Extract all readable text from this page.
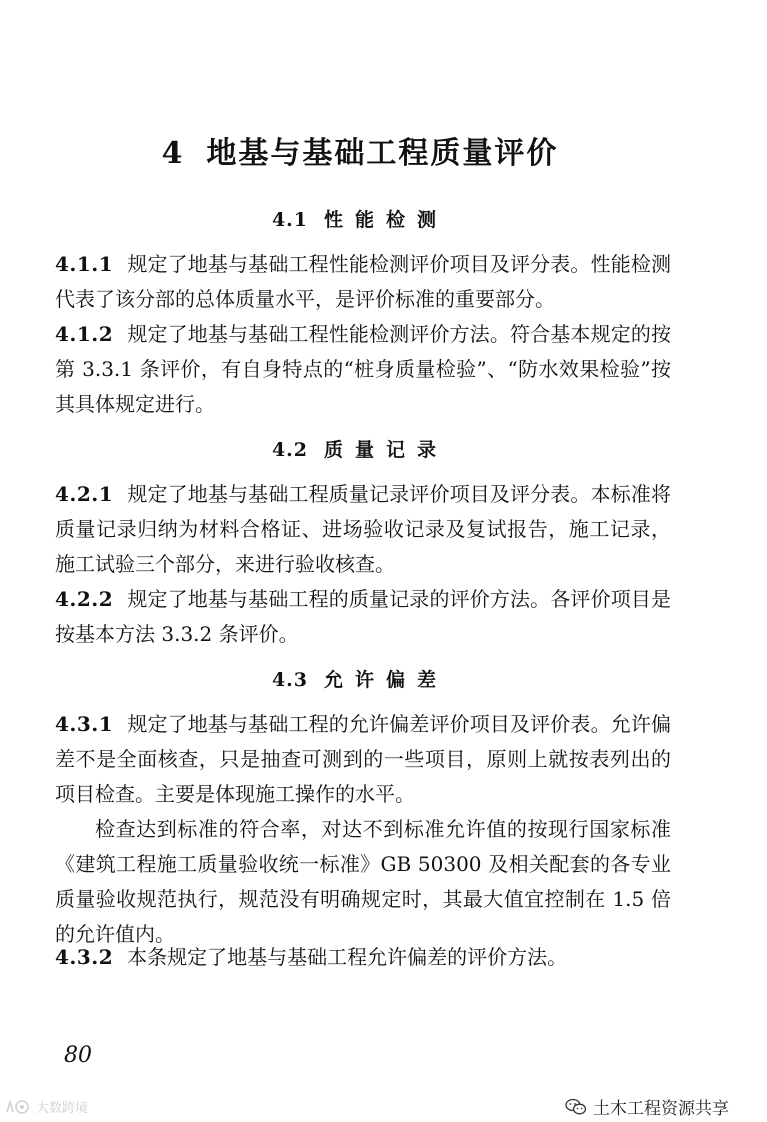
4 地基与基础工程质量评价
4.1 性能检测

4.1.1 规定了地基与基础工程性能检测评价项目及评分表。性能检测代表了该分部的总体质量水平，是评价标准的重要部分。

4.1.2 规定了地基与基础工程性能检测评价方法。符合基本规定的按第 3.3.1 条评价，有自身特点的“桩身质量检验”、“防水效果检验”按其具体规定进行。

4.2 质量记录

4.2.1 规定了地基与基础工程质量记录评价项目及评分表。本标准将质量记录归纳为材料合格证、进场验收记录及复试报告，施工记录，施工试验三个部分，来进行验收核查。

4.2.2 规定了地基与基础工程的质量记录的评价方法。各评价项目是按基本方法 3.3.2 条评价。

4.3 允许偏差

4.3.1 规定了地基与基础工程的允许偏差评价项目及评价表。允许偏差不是全面核查，只是抽查可测到的一些项目，原则上就按表列出的项目检查。主要是体现施工操作的水平。

检查达到标准的符合率，对达不到标准允许值的按现行国家标准《建筑工程施工质量验收统一标准》GB 50300 及相关配套的各专业质量验收规范执行，规范没有明确规定时，其最大值宜控制在 1.5 倍的允许值内。

4.3.2 本条规定了地基与基础工程允许偏差的评价方法。

80
土木工程资源共享
大数跨境
